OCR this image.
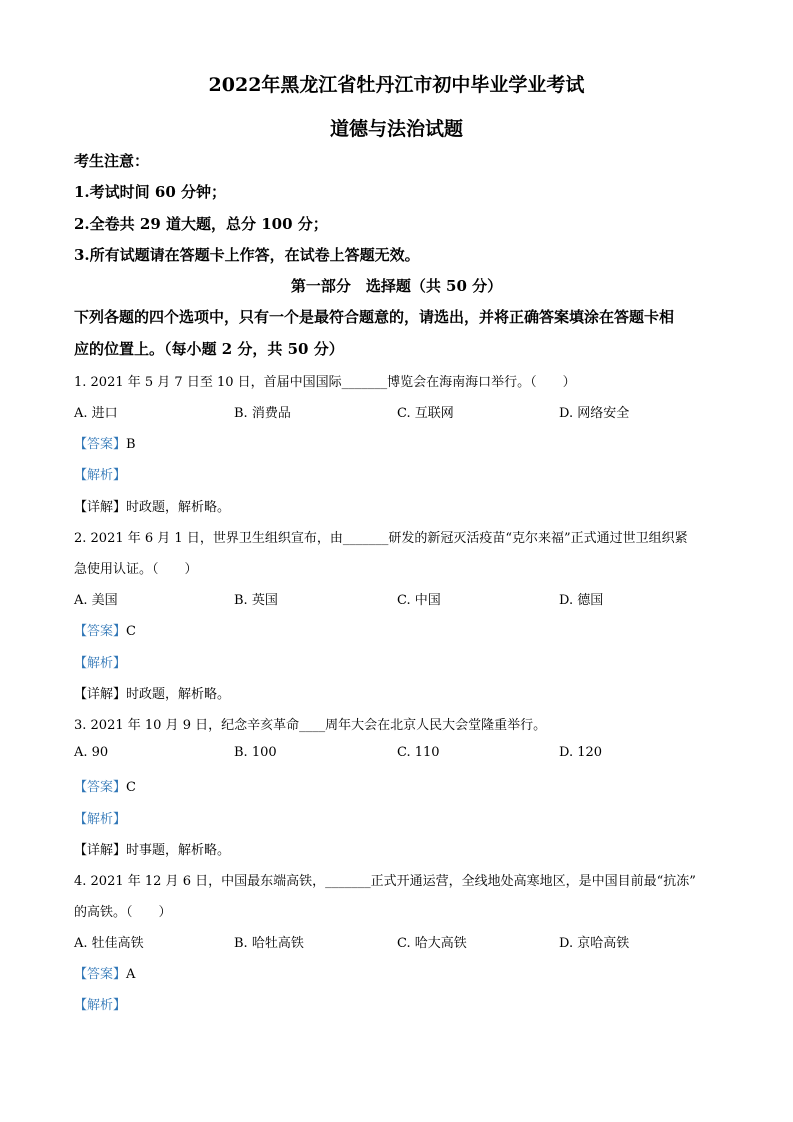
2022年黑龙江省牡丹江市初中毕业学业考试
道德与法治试题
考生注意：
1.考试时间 60 分钟；
2.全卷共 29 道大题，总分 100 分；
3.所有试题请在答题卡上作答，在试卷上答题无效。
第一部分　选择题（共 50 分）
下列各题的四个选项中，只有一个是最符合题意的，请选出，并将正确答案填涂在答题卡相
应的位置上。（每小题 2 分，共 50 分）
1. 2021 年 5 月 7 日至 10 日，首届中国国际_______博览会在海南海口举行。（　　）
A. 进口	B. 消费品	C. 互联网	D. 网络安全
【答案】B
【解析】
【详解】时政题，解析略。
2. 2021 年 6 月 1 日，世界卫生组织宣布，由_______研发的新冠灭活疫苗“克尔来福”正式通过世卫组织紧
急使用认证。（　　）
A. 美国	B. 英国	C. 中国	D. 德国
【答案】C
【解析】
【详解】时政题，解析略。
3. 2021 年 10 月 9 日，纪念辛亥革命____周年大会在北京人民大会堂隆重举行。
A. 90	B. 100	C. 110	D. 120
【答案】C
【解析】
【详解】时事题，解析略。
4. 2021 年 12 月 6 日，中国最东端高铁，_______正式开通运营，全线地处高寒地区，是中国目前最“抗冻”
的高铁。（　　）
A. 牡佳高铁	B. 哈牡高铁	C. 哈大高铁	D. 京哈高铁
【答案】A
【解析】
